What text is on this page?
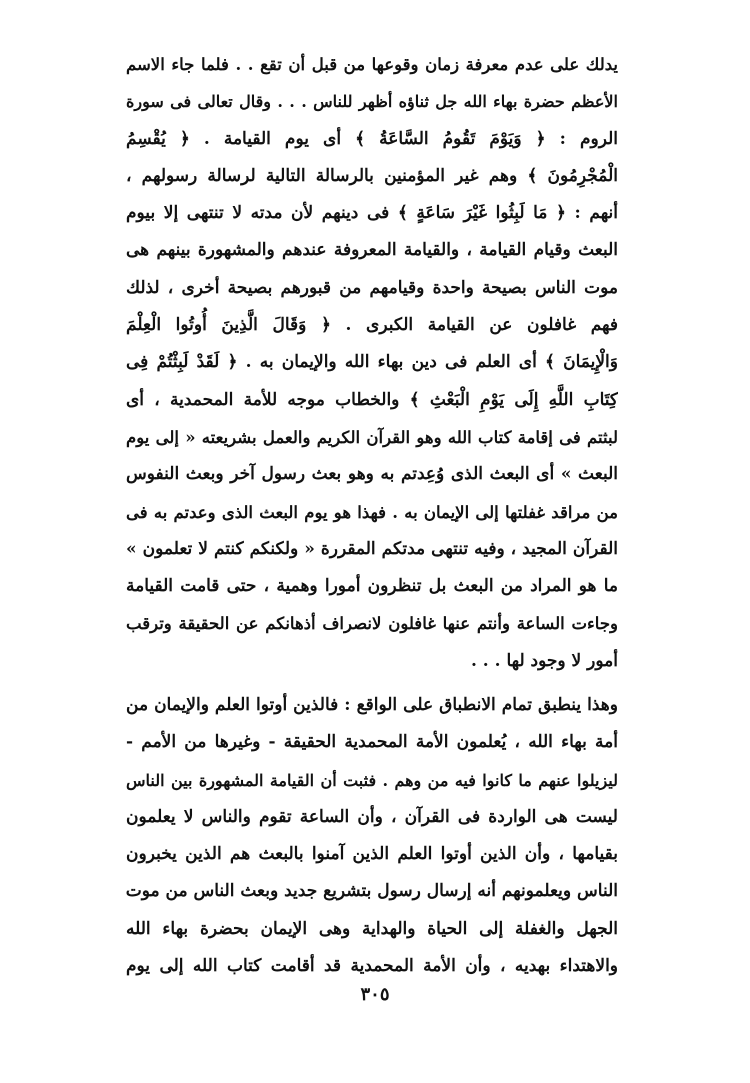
يدلك على عدم معرفة زمان وقوعها من قبل أن تقع . . فلما جاء الاسم
الأعظم حضرة بهاء الله جل ثناؤه أظهر للناس . . . وقال تعالى فى سورة
الروم : ﴿ وَيَوْمَ تَقُومُ السَّاعَةُ ﴾ أى يوم القيامة . ﴿ يُقْسِمُ
الْمُجْرِمُونَ ﴾ وهم غير المؤمنين بالرسالة التالية لرسالة رسولهم ،
أنهم : ﴿ مَا لَبِثُوا غَيْرَ سَاعَةٍ ﴾ فى دينهم لأن مدته لا تنتهى إلا بيوم
البعث وقيام القيامة ، والقيامة المعروفة عندهم والمشهورة بينهم هى
موت الناس بصيحة واحدة وقيامهم من قبورهم بصيحة أخرى ، لذلك
فهم غافلون عن القيامة الكبرى . ﴿ وَقَالَ الَّذِينَ أُوتُوا الْعِلْمَ
وَالْإِيمَانَ ﴾ أى العلم فى دين بهاء الله والإيمان به . ﴿ لَقَدْ لَبِثْتُمْ فِى
كِتَابِ اللَّهِ إِلَى يَوْمِ الْبَعْثِ ﴾ والخطاب موجه للأمة المحمدية ، أى
لبثتم فى إقامة كتاب الله وهو القرآن الكريم والعمل بشريعته « إلى يوم
البعث » أى البعث الذى وُعِدتم به وهو بعث رسول آخر وبعث النفوس
من مراقد غفلتها إلى الإيمان به . فهذا هو يوم البعث الذى وعدتم به فى
القرآن المجيد ، وفيه تنتهى مدتكم المقررة « ولكنكم كنتم لا تعلمون »
ما هو المراد من البعث بل تنظرون أمورا وهمية ، حتى قامت القيامة
وجاءت الساعة وأنتم عنها غافلون لانصراف أذهانكم عن الحقيقة وترقب
أمور لا وجود لها . . .
وهذا ينطبق تمام الانطباق على الواقع : فالذين أوتوا العلم والإيمان من
أمة بهاء الله ، يُعلمون الأمة المحمدية الحقيقة - وغيرها من الأمم -
ليزيلوا عنهم ما كانوا فيه من وهم . فثبت أن القيامة المشهورة بين الناس
ليست هى الواردة فى القرآن ، وأن الساعة تقوم والناس لا يعلمون
بقيامها ، وأن الذين أوتوا العلم الذين آمنوا بالبعث هم الذين يخبرون
الناس ويعلمونهم أنه إرسال رسول بتشريع جديد وبعث الناس من موت
الجهل والغفلة إلى الحياة والهداية وهى الإيمان بحضرة بهاء الله
والاهتداء بهديه ، وأن الأمة المحمدية قد أقامت كتاب الله إلى يوم
٣٠٥
